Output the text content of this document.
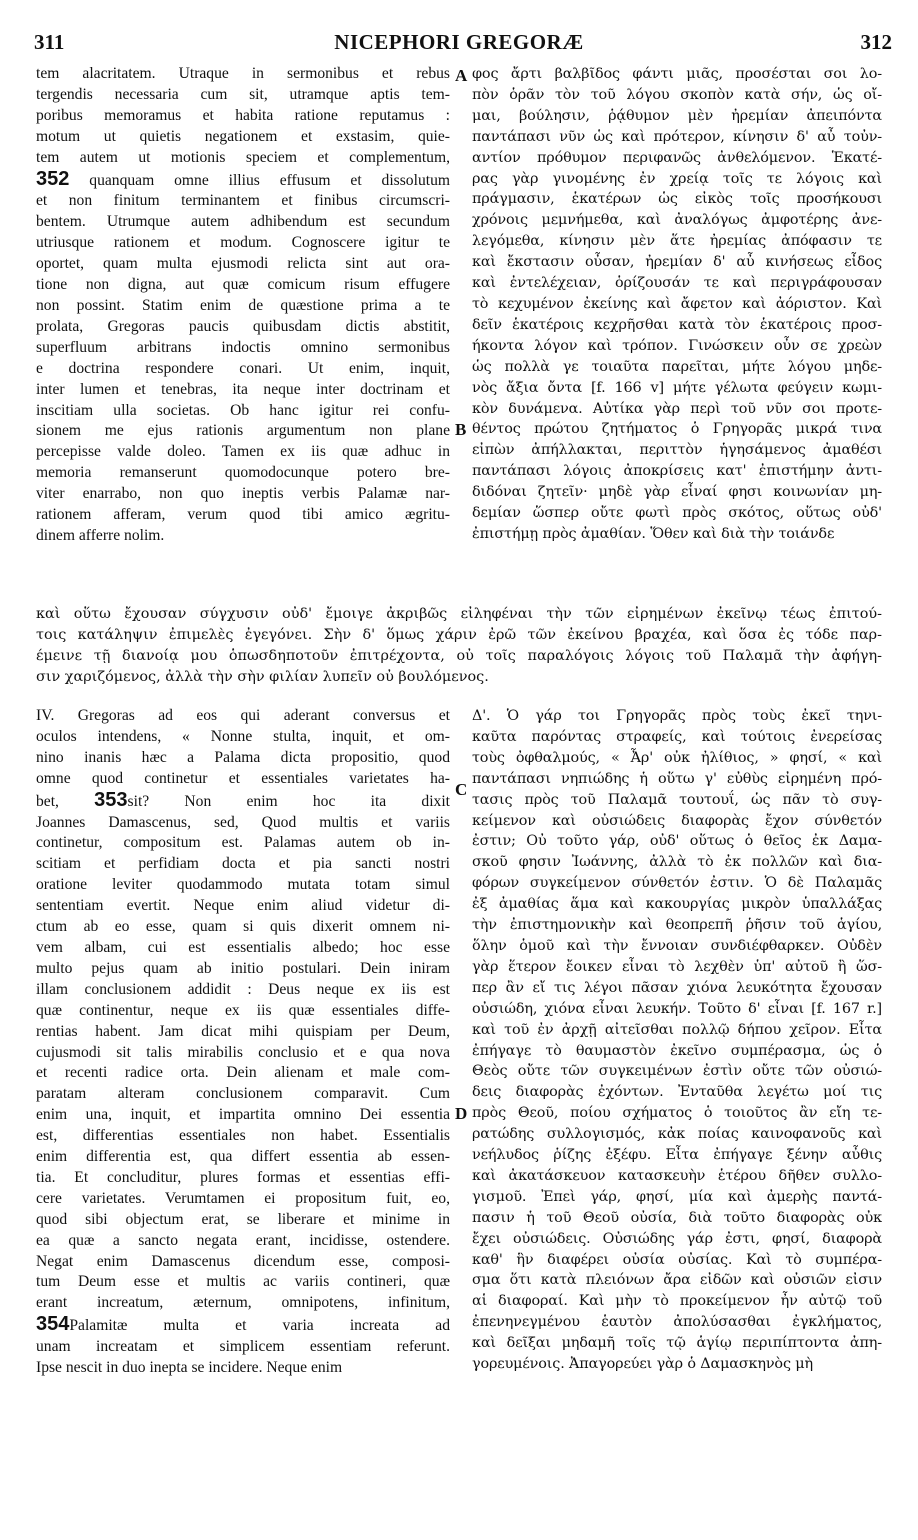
311	NICEPHORI GREGORÆ	312
tem alacritatem. Utraque in sermonibus et rebus
tergendis necessaria cum sit, utramque aptis tem-
poribus memoramus et habita ratione reputamus :
motum ut quietis negationem et exstasim, quie-
tem autem ut motionis speciem et complementum,
352 quanquam omne illius effusum et dissolutum
et non finitum terminantem et finibus circumscri-
bentem. Utrumque autem adhibendum est secundum
utriusque rationem et modum. Cognoscere igitur te
oportet, quam multa ejusmodi relicta sint aut ora-
tione non digna, aut quæ comicum risum effugere
non possint. Statim enim de quæstione prima a te
prolata, Gregoras paucis quibusdam dictis abstitit,
superfluum arbitrans indoctis omnino sermonibus
e doctrina respondere conari. Ut enim, inquit,
inter lumen et tenebras, ita neque inter doctrinam et
inscitiam ulla societas. Ob hanc igitur rei confu-
sionem me ejus rationis argumentum non plane
percepisse valde doleo. Tamen ex iis quæ adhuc in
memoria remanserunt quomodocunque potero bre-
viter enarrabo, non quo ineptis verbis Palamæ nar-
rationem afferam, verum quod tibi amico ægritu-
dinem afferre nolim.
φος ἄρτι βαλβῖδος φάντι μιᾶς, προσέσται σοι λο-
πὸν ὁρᾶν τὸν τοῦ λόγου σκοπὸν κατὰ σήν, ὡς οἴ-
μαι, βούλησιν, ῥᾴθυμον μὲν ἠρεμίαν ἀπειπόντα
παντάπασι νῦν ὡς καὶ πρότερον, κίνησιν δ' αὖ τοὐν-
αντίον πρόθυμον περιφανῶς ἀνθελόμενον. Ἑκατέ-
ρας γὰρ γινομένης ἐν χρείᾳ τοῖς τε λόγοις καὶ
πράγμασιν, ἑκατέρων ὡς εἰκὸς τοῖς προσήκουσι
χρόνοις μεμνήμεθα, καὶ ἀναλόγως ἀμφοτέρης ἀνε-
λεγόμεθα, κίνησιν μὲν ἅτε ἠρεμίας ἀπόφασιν τε
καὶ ἔκστασιν οὖσαν, ἠρεμίαν δ' αὖ κινήσεως εἶδος
καὶ ἐντελέχειαν, ὁρίζουσάν τε καὶ περιγράφουσαν
τὸ κεχυμένον ἐκείνης καὶ ἄφετον καὶ ἀόριστον. Καὶ
δεῖν ἑκατέροις κεχρῆσθαι κατὰ τὸν ἑκατέροις προσ-
ήκοντα λόγον καὶ τρόπον. Γινώσκειν οὖν σε χρεὼν
ὡς πολλὰ γε τοιαῦτα παρεῖται, μήτε λόγου μηδε-
νὸς ἄξια ὄντα [f. 166 v] μήτε γέλωτα φεύγειν κωμι-
κὸν δυνάμενα. Αὐτίκα γὰρ περὶ τοῦ νῦν σοι προτε-
θέντος πρώτου ζητήματος ὁ Γρηγορᾶς μικρά τινα
εἰπὼν ἀπήλλακται, περιττὸν ἡγησάμενος ἀμαθέσι
παντάπασι λόγοις ἀποκρίσεις κατ' ἐπιστήμην ἀντι-
διδόναι ζητεῖν· μηδὲ γὰρ εἶναί φησι κοινωνίαν μη-
δεμίαν ὥσπερ οὔτε φωτὶ πρὸς σκότος, οὕτως οὐδ'
ἐπιστήμῃ πρὸς ἀμαθίαν. Ὅθεν καὶ διὰ τὴν τοιάνδε
καὶ οὕτω ἔχουσαν σύγχυσιν οὐδ' ἔμοιγε ἀκριβῶς εἰληφέναι τὴν τῶν εἰρημένων ἐκεῖνῳ τέως ἐπιτού-
τοις κατάληψιν ἐπιμελὲς ἐγεγόνει. Σὴν δ' ὅμως χάριν ἐρῶ τῶν ἐκείνου βραχέα, καὶ ὅσα ἐς τόδε παρ-
έμεινε τῇ διανοίᾳ μου ὁπωσδηποτοῦν ἐπιτρέχοντα, οὐ τοῖς παραλόγοις λόγοις τοῦ Παλαμᾶ τὴν ἀφήγη-
σιν χαριζόμενος, ἀλλὰ τὴν σὴν φιλίαν λυπεῖν οὐ βουλόμενος.
IV. Gregoras ad eos qui aderant conversus et
oculos intendens, « Nonne stulta, inquit, et om-
nino inanis hæc a Palama dicta propositio, quod
omne quod continetur et essentiales varietates ha-
bet, 353sit? Non enim hoc ita dixit
Joannes Damascenus, sed, Quod multis et variis
continetur, compositum est. Palamas autem ob in-
scitiam et perfidiam docta et pia sancti nostri
oratione leviter quodammodo mutata totam simul
sententiam evertit. Neque enim aliud videtur di-
ctum ab eo esse, quam si quis dixerit omnem ni-
vem albam, cui est essentialis albedo; hoc esse
multo pejus quam ab initio postulari. Dein iniram
illam conclusionem addidit : Deus neque ex iis est
quæ continentur, neque ex iis quæ essentiales diffe-
rentias habent. Jam dicat mihi quispiam per Deum,
cujusmodi sit talis mirabilis conclusio et e qua nova
et recenti radice orta. Dein alienam et male com-
paratam alteram conclusionem comparavit. Cum
enim una, inquit, et impartita omnino Dei essentia
est, differentias essentiales non habet. Essentialis
enim differentia est, qua differt essentia ab essen-
tia. Et concluditur, plures formas et essentias effi-
cere varietates. Verumtamen ei propositum fuit, eo,
quod sibi objectum erat, se liberare et minime in
ea quæ a sancto negata erant, incidisse, ostendere.
Negat enim Damascenus dicendum esse, composi-
tum Deum esse et multis ac variis contineri, quæ
erant increatum, æternum, omnipotens, infinitum,
354Palamitæ multa et varia increata ad
unam increatam et simplicem essentiam referunt.
Ipse nescit in duo inepta se incidere. Neque enim
Δ'. Ὁ γάρ τοι Γρηγορᾶς πρὸς τοὺς ἐκεῖ τηνι-
καῦτα παρόντας στραφείς, καὶ τούτοις ἐνερείσας
τοὺς ὀφθαλμούς, « Ἆρ' οὐκ ἠλίθιος, » φησί, « καὶ
παντάπασι νηπιώδης ἡ οὕτω γ' εὐθὺς εἰρημένη πρό-
τασις πρὸς τοῦ Παλαμᾶ τουτουΐ, ὡς πᾶν τὸ συγ-
κείμενον καὶ οὐσιώδεις διαφορὰς ἔχον σύνθετόν
ἐστιν; Οὐ τοῦτο γάρ, οὐδ' οὕτως ὁ θεῖος ἐκ Δαμα-
σκοῦ φησιν Ἰωάννης, ἀλλὰ τὸ ἐκ πολλῶν καὶ δια-
φόρων συγκείμενον σύνθετόν ἐστιν. Ὁ δὲ Παλαμᾶς
ἐξ ἀμαθίας ἅμα καὶ κακουργίας μικρὸν ὑπαλλάξας
τὴν ἐπιστημονικὴν καὶ θεοπρεπῆ ῥῆσιν τοῦ ἁγίου,
ὅλην ὁμοῦ καὶ τὴν ἔννοιαν συνδιέφθαρκεν. Οὐδὲν
γὰρ ἕτερον ἔοικεν εἶναι τὸ λεχθὲν ὑπ' αὐτοῦ ἢ ὥσ-
περ ἂν εἴ τις λέγοι πᾶσαν χιόνα λευκότητα ἔχουσαν
οὐσιώδη, χιόνα εἶναι λευκήν. Τοῦτο δ' εἶναι [f. 167 r.]
καὶ τοῦ ἐν ἀρχῇ αἰτεῖσθαι πολλῷ δήπου χεῖρον. Εἶτα
ἐπήγαγε τὸ θαυμαστὸν ἐκεῖνο συμπέρασμα, ὡς ὁ
Θεὸς οὔτε τῶν συγκειμένων ἐστὶν οὔτε τῶν οὐσιώ-
δεις διαφορὰς ἐχόντων. Ἐνταῦθα λεγέτω μοί τις
πρὸς Θεοῦ, ποίου σχήματος ὁ τοιοῦτος ἂν εἴη τε-
ρατώδης συλλογισμός, κἀκ ποίας καινοφανοῦς καὶ
νεήλυδος ῥίζης ἐξέφυ. Εἶτα ἐπήγαγε ξένην αὖθις
καὶ ἀκατάσκευον κατασκευὴν ἑτέρου δῆθεν συλλο-
γισμοῦ. Ἐπεὶ γάρ, φησί, μία καὶ ἀμερὴς παντά-
πασιν ἡ τοῦ Θεοῦ οὐσία, διὰ τοῦτο διαφορὰς οὐκ
ἔχει οὐσιώδεις. Οὐσιώδης γάρ ἐστι, φησί, διαφορὰ
καθ' ἣν διαφέρει οὐσία οὐσίας. Καὶ τὸ συμπέρα-
σμα ὅτι κατὰ πλειόνων ἄρα εἰδῶν καὶ οὐσιῶν εἰσιν
αἱ διαφοραί. Καὶ μὴν τὸ προκείμενον ἦν αὐτῷ τοῦ
ἐπενηνεγμένου ἑαυτὸν ἀπολύσασθαι ἐγκλήματος,
καὶ δεῖξαι μηδαμῆ τοῖς τῷ ἁγίῳ περιπίπτοντα ἀπη-
γορευμένοις. Ἀπαγορεύει γὰρ ὁ Δαμασκηνὸς μὴ
A
B
C
D
